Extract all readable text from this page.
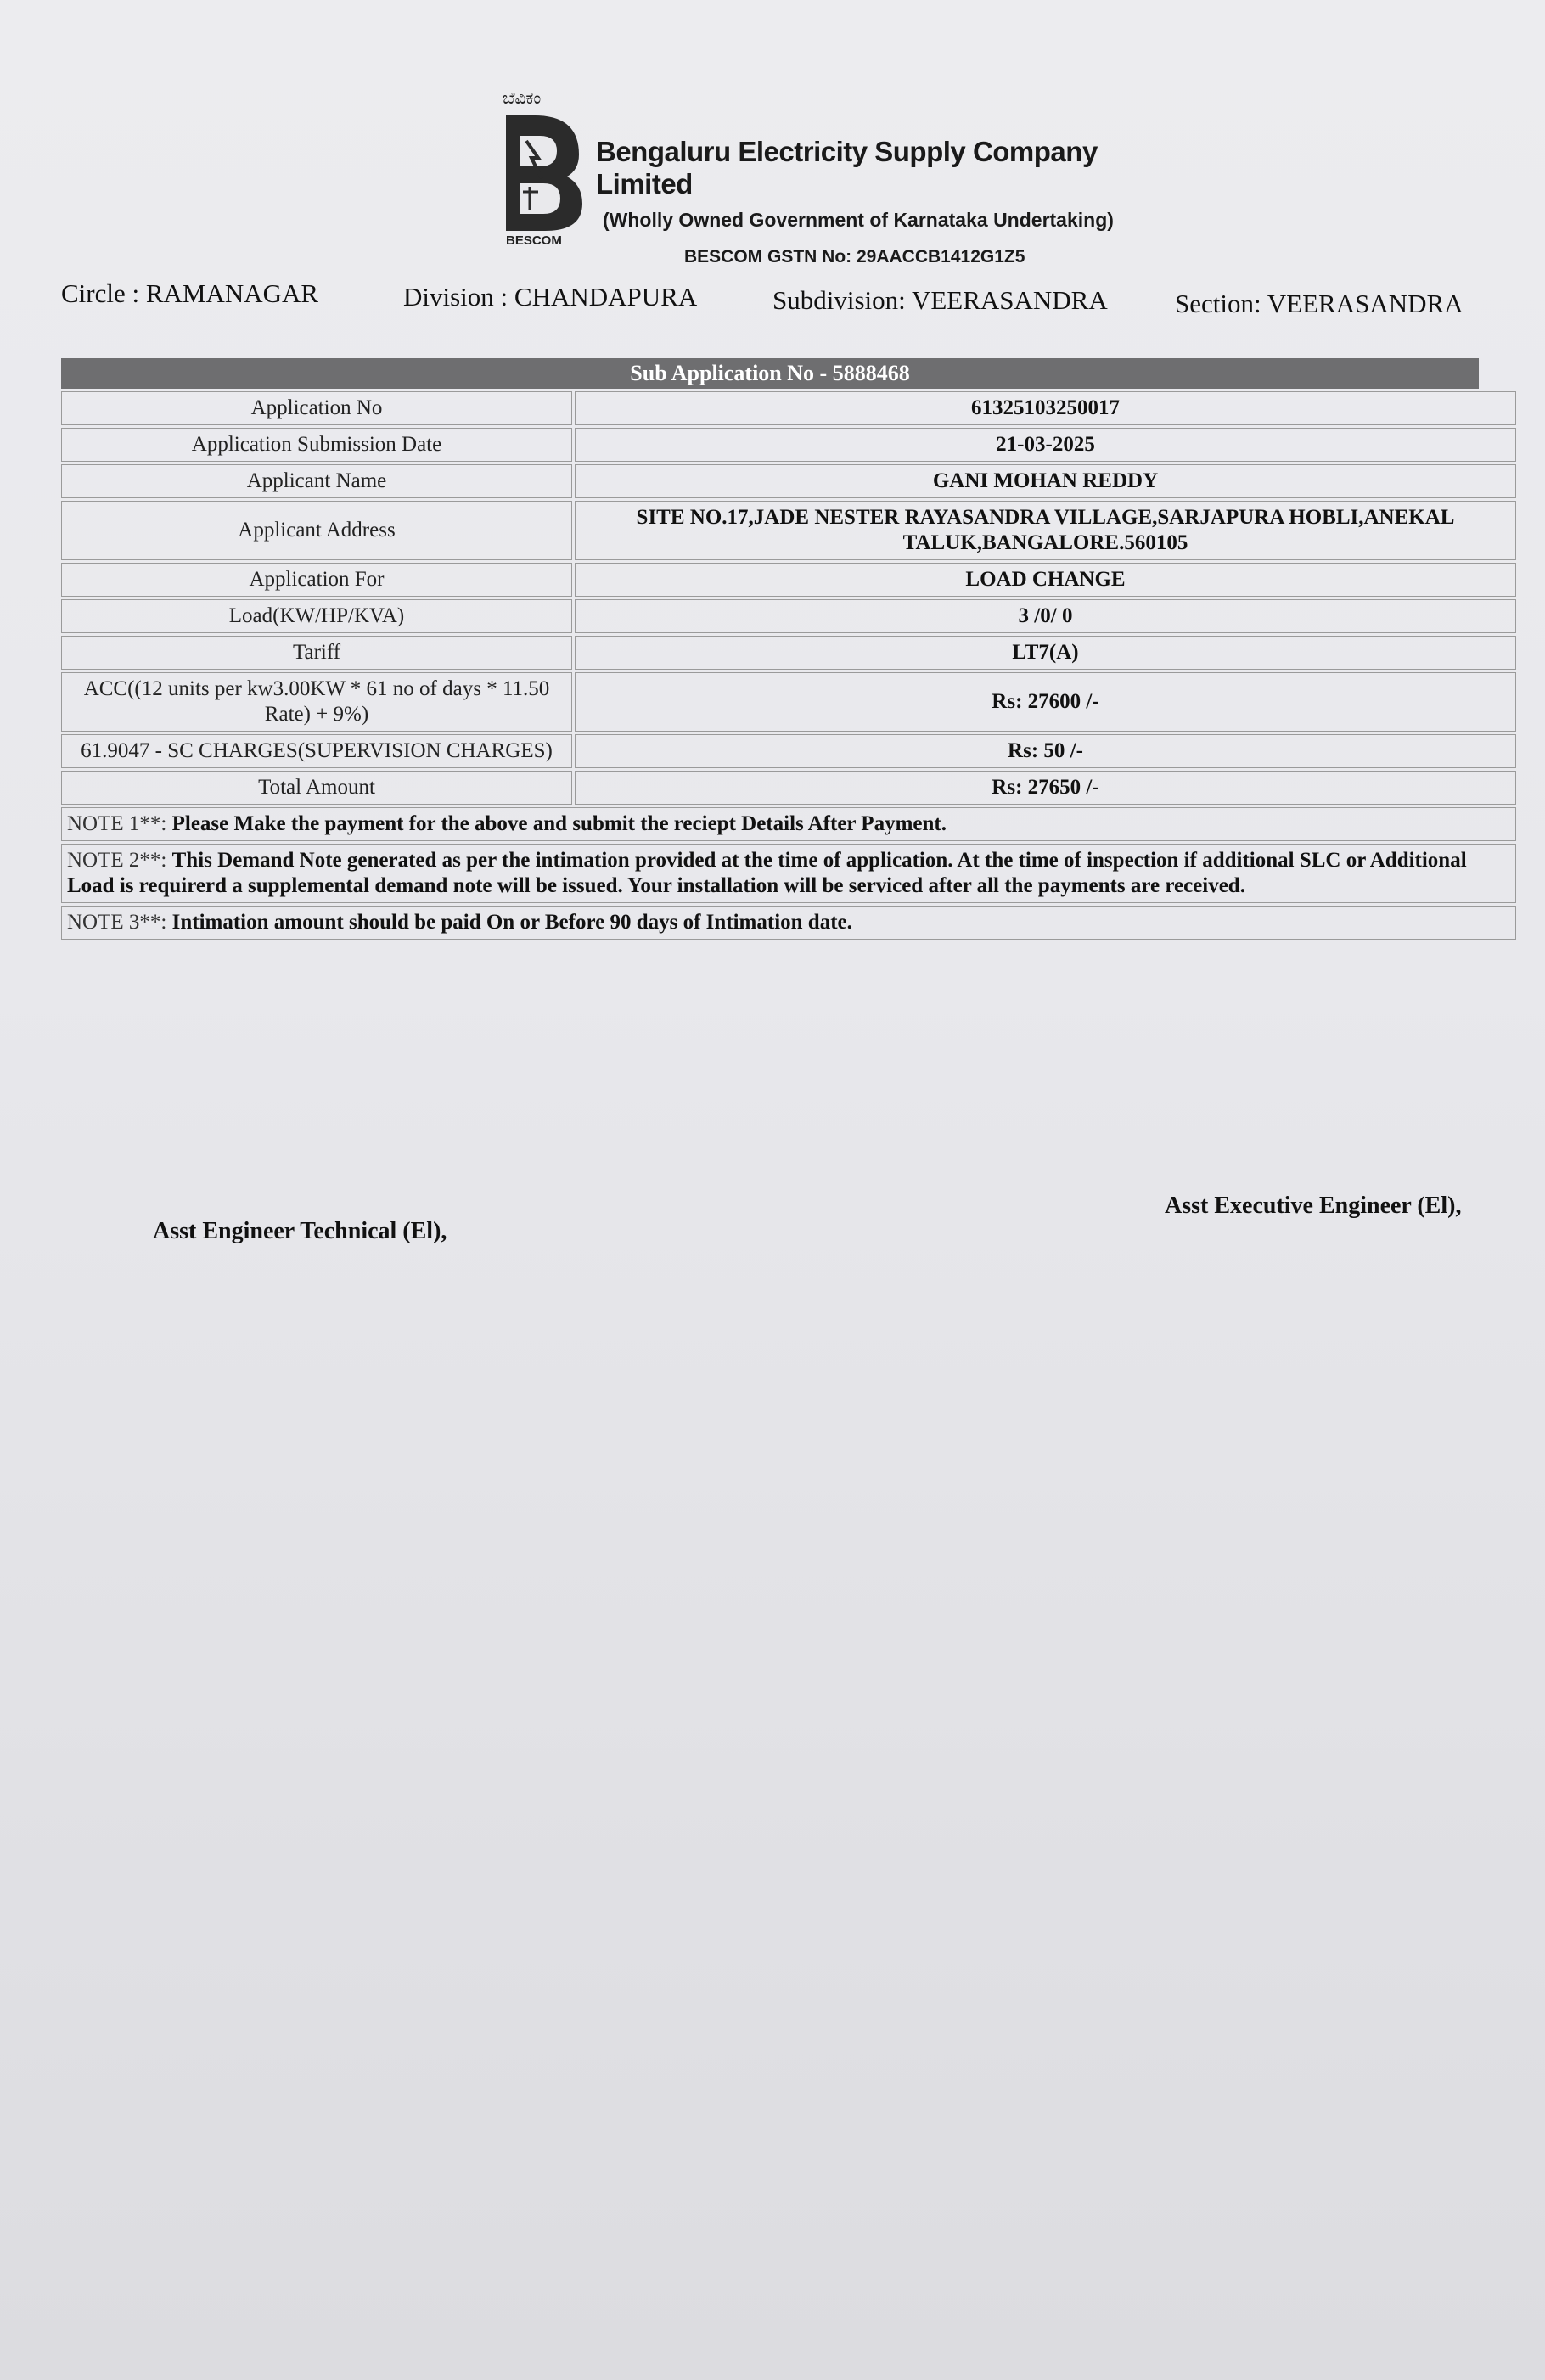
ಬೆವಿಕಂ
BESCOM
Bengaluru Electricity Supply Company Limited
(Wholly Owned Government of Karnataka Undertaking)
BESCOM GSTN No: 29AACCB1412G1Z5
Circle : RAMANAGAR	Division : CHANDAPURA	Subdivision: VEERASANDRA	Section: VEERASANDRA
Sub Application No - 5888468
Application No	61325103250017
Application Submission Date	21-03-2025
Applicant Name	GANI MOHAN REDDY
Applicant Address	SITE NO.17,JADE NESTER RAYASANDRA VILLAGE,SARJAPURA HOBLI,ANEKAL TALUK,BANGALORE.560105
Application For	LOAD CHANGE
Load(KW/HP/KVA)	3 /0/ 0
Tariff	LT7(A)
ACC((12 units per kw3.00KW * 61 no of days * 11.50 Rate) + 9%)	Rs: 27600 /-
61.9047 - SC CHARGES(SUPERVISION CHARGES)	Rs: 50 /-
Total Amount	Rs: 27650 /-
NOTE 1**: Please Make the payment for the above and submit the reciept Details After Payment.	
NOTE 2**: This Demand Note generated as per the intimation provided at the time of application. At the time of inspection if additional SLC or Additional Load is requirerd a supplemental demand note will be issued. Your installation will be serviced after all the payments are received.	
NOTE 3**: Intimation amount should be paid On or Before 90 days of Intimation date.	
Asst Engineer Technical (El),
Asst Executive Engineer (El),
